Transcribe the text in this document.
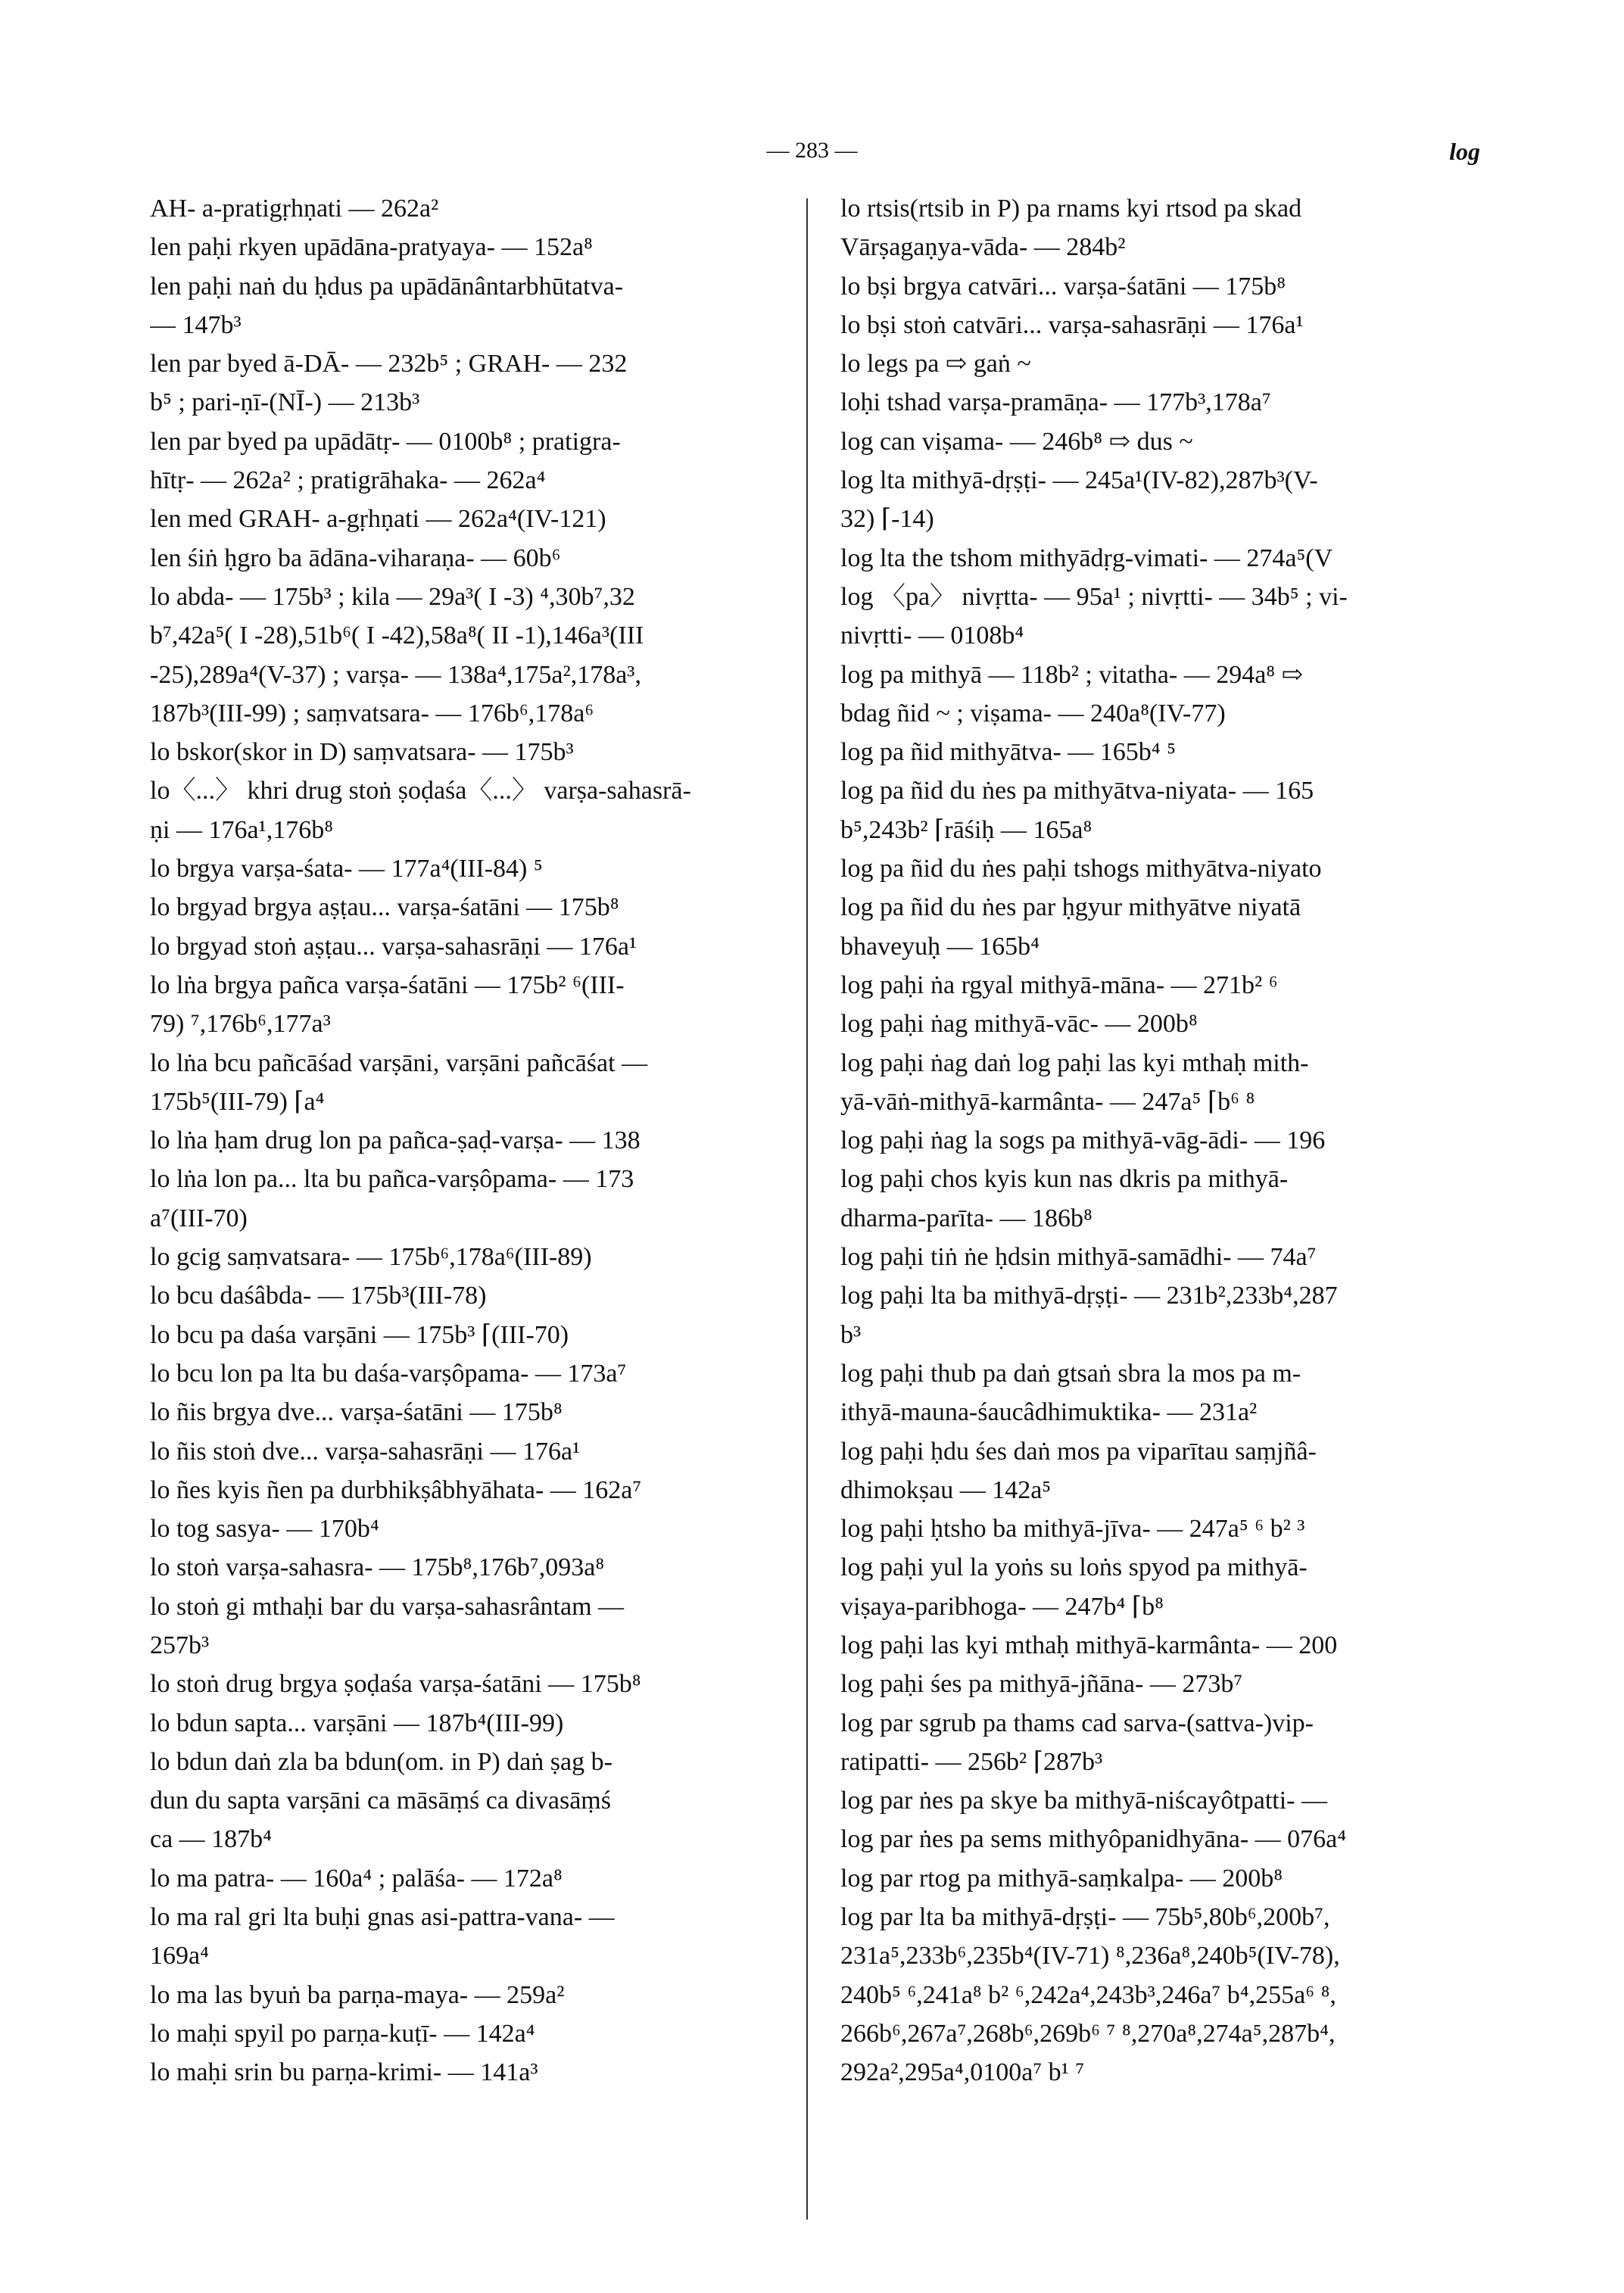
— 283 —	log
AH- a-pratigṛhṇati — 262a²
len paḥi rkyen upādāna-pratyaya- — 152a⁸
len paḥi naṅ du ḥdus pa upādānântarbhūtatva-
— 147b³
len par byed ā-DĀ- — 232b⁵ ; GRAH- — 232
b⁵ ; pari-ṇī-(NĪ-) — 213b³
len par byed pa upādātṛ- — 0100b⁸ ; pratigra-
hītṛ- — 262a² ; pratigrāhaka- — 262a⁴
len med GRAH- a-gṛhṇati — 262a⁴(IV-121)
len śiṅ ḥgro ba ādāna-viharaṇa- — 60b⁶
lo abda- — 175b³ ; kila — 29a³( I -3) ⁴,30b⁷,32
b⁷,42a⁵( I -28),51b⁶( I -42),58a⁸( II -1),146a³(III
-25),289a⁴(V-37) ; varṣa- — 138a⁴,175a²,178a³,
187b³(III-99) ; saṃvatsara- — 176b⁶,178a⁶
lo bskor(skor in D) saṃvatsara- — 175b³
lo〈...〉 khri drug stoṅ ṣoḍaśa〈...〉 varṣa-sahasrā-
ṇi — 176a¹,176b⁸
lo brgya varṣa-śata- — 177a⁴(III-84) ⁵
lo brgyad brgya aṣṭau... varṣa-śatāni — 175b⁸
lo brgyad stoṅ aṣṭau... varṣa-sahasrāṇi — 176a¹
lo lṅa brgya pañca varṣa-śatāni — 175b² ⁶(III-
79) ⁷,176b⁶,177a³
lo lṅa bcu pañcāśad varṣāni, varṣāni pañcāśat —
175b⁵(III-79) ⌈a⁴
lo lṅa ḥam drug lon pa pañca-ṣaḍ-varṣa- — 138
lo lṅa lon pa... lta bu pañca-varṣôpama- — 173
a⁷(III-70)
lo gcig saṃvatsara- — 175b⁶,178a⁶(III-89)
lo bcu daśâbda- — 175b³(III-78)
lo bcu pa daśa varṣāni — 175b³ ⌈(III-70)
lo bcu lon pa lta bu daśa-varṣôpama- — 173a⁷
lo ñis brgya dve... varṣa-śatāni — 175b⁸
lo ñis stoṅ dve... varṣa-sahasrāṇi — 176a¹
lo ñes kyis ñen pa durbhikṣâbhyāhata- — 162a⁷
lo tog sasya- — 170b⁴
lo stoṅ varṣa-sahasra- — 175b⁸,176b⁷,093a⁸
lo stoṅ gi mthaḥi bar du varṣa-sahasrântam —
257b³
lo stoṅ drug brgya ṣoḍaśa varṣa-śatāni — 175b⁸
lo bdun sapta... varṣāni — 187b⁴(III-99)
lo bdun daṅ zla ba bdun(om. in P) daṅ ṣag b-
dun du sapta varṣāni ca māsāṃś ca divasāṃś
ca — 187b⁴
lo ma patra- — 160a⁴ ; palāśa- — 172a⁸
lo ma ral gri lta buḥi gnas asi-pattra-vana- —
169a⁴
lo ma las byuṅ ba parṇa-maya- — 259a²
lo maḥi spyil po parṇa-kuṭī- — 142a⁴
lo maḥi srin bu parṇa-krimi- — 141a³
lo rtsis(rtsib in P) pa rnams kyi rtsod pa skad
Vārṣagaṇya-vāda- — 284b²
lo bṣi brgya catvāri... varṣa-śatāni — 175b⁸
lo bṣi stoṅ catvāri... varṣa-sahasrāṇi — 176a¹
lo legs pa ⇨ gaṅ ~
loḥi tshad varṣa-pramāṇa- — 177b³,178a⁷
log can viṣama- — 246b⁸ ⇨ dus ~
log lta mithyā-dṛṣṭi- — 245a¹(IV-82),287b³(V-
32) ⌈-14)
log lta the tshom mithyādṛg-vimati- — 274a⁵(V
log 〈pa〉 nivṛtta- — 95a¹ ; nivṛtti- — 34b⁵ ; vi-
nivṛtti- — 0108b⁴
log pa mithyā — 118b² ; vitatha- — 294a⁸ ⇨
bdag ñid ~ ; viṣama- — 240a⁸(IV-77)
log pa ñid mithyātva- — 165b⁴ ⁵
log pa ñid du ṅes pa mithyātva-niyata- — 165
b⁵,243b² ⌈rāśiḥ — 165a⁸
log pa ñid du ṅes paḥi tshogs mithyātva-niyato
log pa ñid du ṅes par ḥgyur mithyātve niyatā
bhaveyuḥ — 165b⁴
log paḥi ṅa rgyal mithyā-māna- — 271b² ⁶
log paḥi ṅag mithyā-vāc- — 200b⁸
log paḥi ṅag daṅ log paḥi las kyi mthaḥ mith-
yā-vāṅ-mithyā-karmânta- — 247a⁵ ⌈b⁶ ⁸
log paḥi ṅag la sogs pa mithyā-vāg-ādi- — 196
log paḥi chos kyis kun nas dkris pa mithyā-
dharma-parīta- — 186b⁸
log paḥi tiṅ ṅe ḥdsin mithyā-samādhi- — 74a⁷
log paḥi lta ba mithyā-dṛṣṭi- — 231b²,233b⁴,287
b³
log paḥi thub pa daṅ gtsaṅ sbra la mos pa m-
ithyā-mauna-śaucâdhimuktika- — 231a²
log paḥi ḥdu śes daṅ mos pa viparītau saṃjñâ-
dhimokṣau — 142a⁵
log paḥi ḥtsho ba mithyā-jīva- — 247a⁵ ⁶ b² ³
log paḥi yul la yoṅs su loṅs spyod pa mithyā-
viṣaya-paribhoga- — 247b⁴ ⌈b⁸
log paḥi las kyi mthaḥ mithyā-karmânta- — 200
log paḥi śes pa mithyā-jñāna- — 273b⁷
log par sgrub pa thams cad sarva-(sattva-)vip-
ratipatti- — 256b² ⌈287b³
log par ṅes pa skye ba mithyā-niścayôtpatti- —
log par ṅes pa sems mithyôpanidhyāna- — 076a⁴
log par rtog pa mithyā-saṃkalpa- — 200b⁸
log par lta ba mithyā-dṛṣṭi- — 75b⁵,80b⁶,200b⁷,
231a⁵,233b⁶,235b⁴(IV-71) ⁸,236a⁸,240b⁵(IV-78),
240b⁵ ⁶,241a⁸ b² ⁶,242a⁴,243b³,246a⁷ b⁴,255a⁶ ⁸,
266b⁶,267a⁷,268b⁶,269b⁶ ⁷ ⁸,270a⁸,274a⁵,287b⁴,
292a²,295a⁴,0100a⁷ b¹ ⁷
